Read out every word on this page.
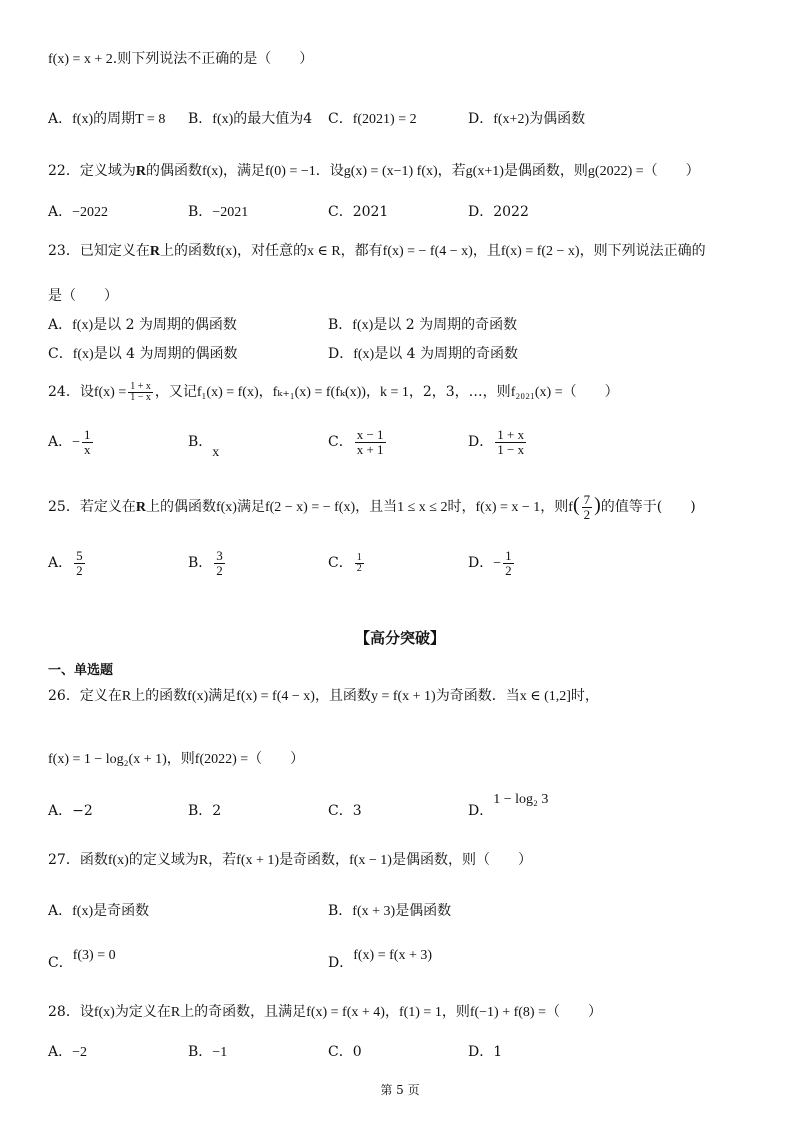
f(x) = x + 2.则下列说法不正确的是（　　）
A．f(x)的周期T = 8 B．f(x)的最大值为4 C．f(2021) = 2	D．f(x+2)为偶函数
22．定义域为R的偶函数f(x)，满足f(0) = −1．设g(x) = (x−1) f(x)，若g(x+1)是偶函数，则g(2022) =（　　）
A．−2022	B．−2021	C．2021	D．2022
23．已知定义在R上的函数f(x)，对任意的x ∈ R，都有f(x) = − f(4 − x)，且f(x) = f(2 − x)，则下列说法正确的
是（　　）
A．f(x)是以 2 为周期的偶函数	B．f(x)是以 2 为周期的奇函数
C．f(x)是以 4 为周期的偶函数	D．f(x)是以 4 为周期的奇函数
24．设$f(x) = \frac{1 + x}{1 - x}$ ，又记f₁(x) = f(x)，fₖ₊₁(x) = f(fₖ(x))，k = 1，2，3，…，则f₂₀₂₁(x) =（　　）
A．− $\frac{1}{x}$	B．x
C． $\frac{x - 1}{x + 1}$	D． $\frac{1 + x}{1 - x}$
25．若定义在R上的偶函数f(x)满足f(2 − x) = − f(x)，且当1 ≤ x ≤ 2时，f(x) = x − 1，则$f( \frac{7}{2}$ )的值等于(　　)
A． $\frac{5}{2}$	B． $\frac{3}{2}$	C． $\frac{1}{2}$	D．− $\frac{1}{2}$
【高分突破】
一、单选题
26．定义在R上的函数f(x)满足f(x) = f(4 − x)，且函数y = f(x + 1)为奇函数．当x ∈ (1,2]时，
f(x) = 1 − log₂(x + 1)，则f(2022) =（　　）
A．−2	B．2	C．3	D．1 − log₂ 3
27．函数f(x)的定义域为R，若f(x + 1)是奇函数，f(x − 1)是偶函数，则（　　）
A．f(x)是奇函数	B．f(x + 3)是偶函数
C．f(3) = 0	D．f(x) = f(x + 3)
28．设f(x)为定义在R上的奇函数，且满足f(x) = f(x + 4)，f(1) = 1，则f(−1) + f(8) =（　　）
A．−2	B．−1	C．0	D．1
第 5 页
